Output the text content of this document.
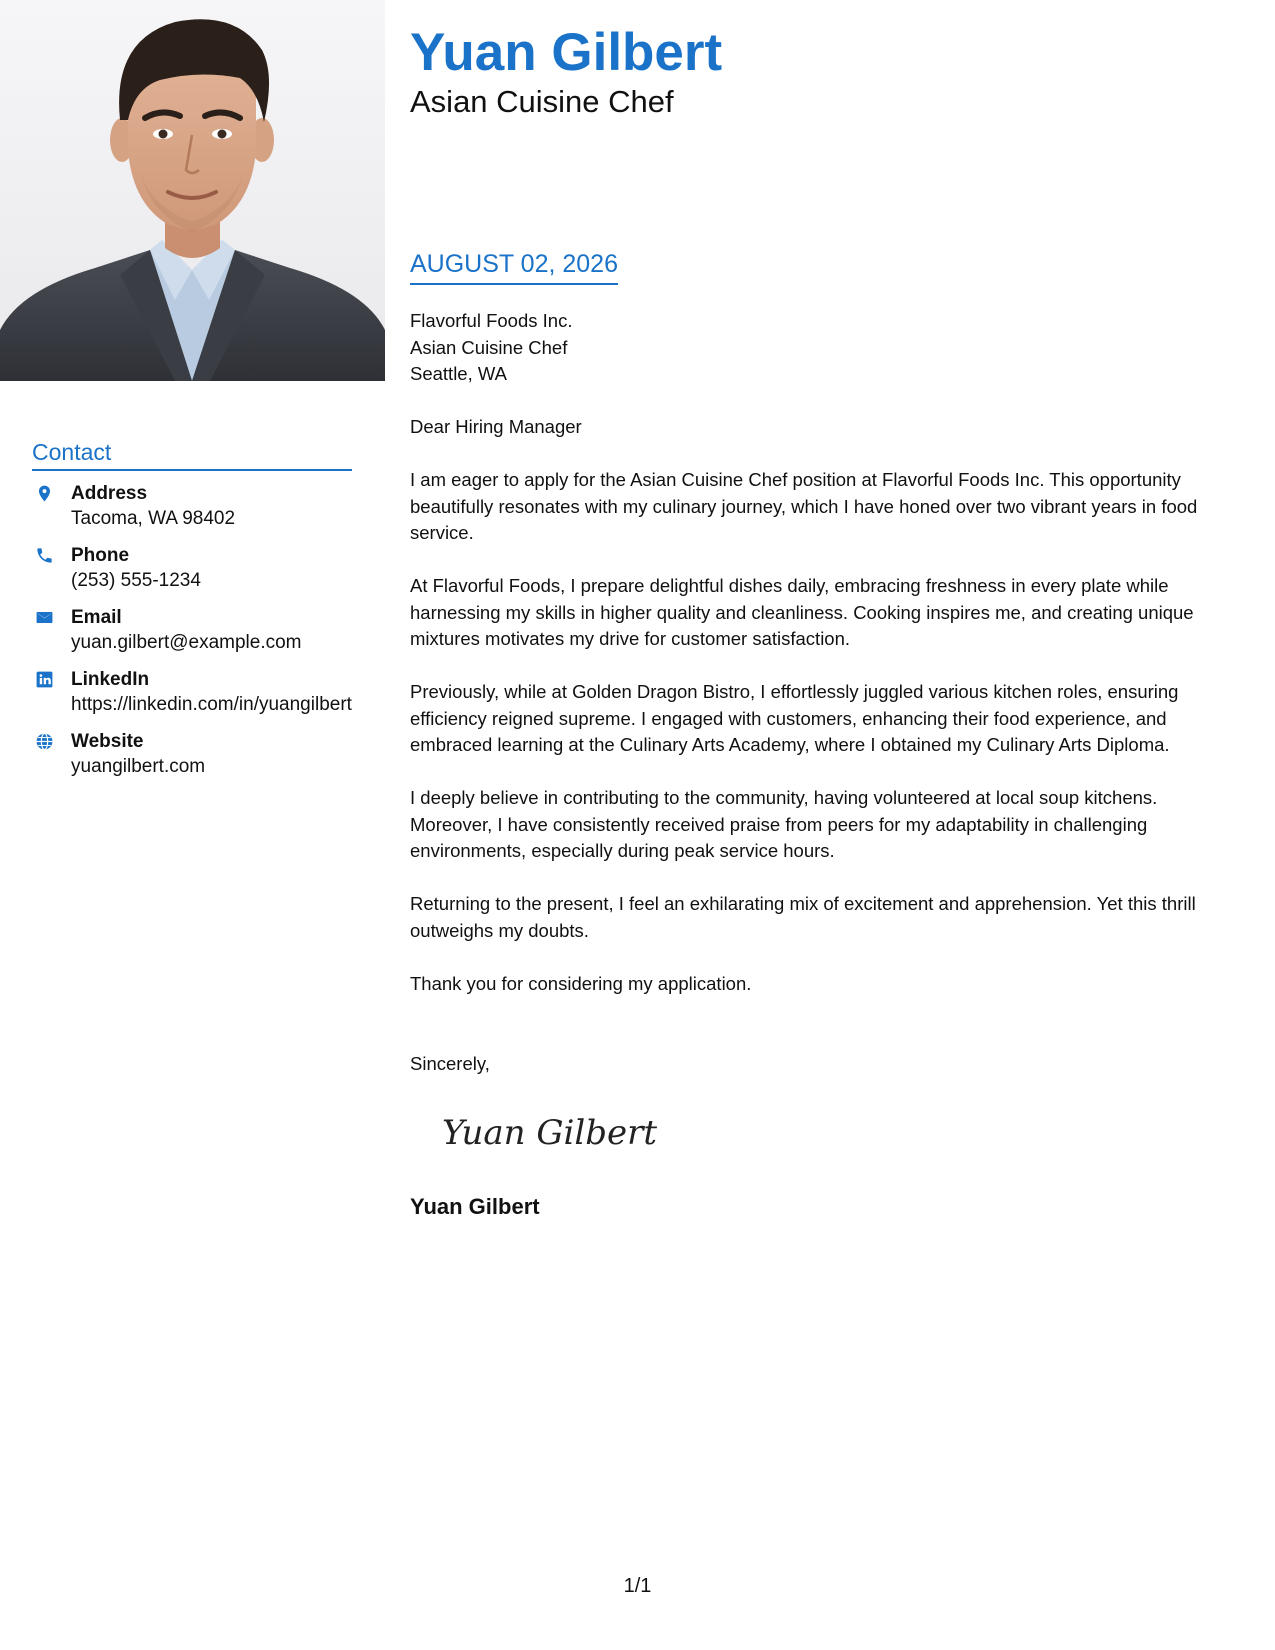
Contact
Address
Tacoma, WA 98402
Phone
(253) 555-1234
Email
yuan.gilbert@example.com
LinkedIn
https://linkedin.com/in/yuangilbert
Website
yuangilbert.com
Yuan Gilbert
Asian Cuisine Chef
AUGUST 02, 2026
Flavorful Foods Inc.
Asian Cuisine Chef
Seattle, WA
Dear Hiring Manager

I am eager to apply for the Asian Cuisine Chef position at Flavorful Foods Inc. This opportunity beautifully resonates with my culinary journey, which I have honed over two vibrant years in food service.

At Flavorful Foods, I prepare delightful dishes daily, embracing freshness in every plate while harnessing my skills in higher quality and cleanliness. Cooking inspires me, and creating unique mixtures motivates my drive for customer satisfaction.

Previously, while at Golden Dragon Bistro, I effortlessly juggled various kitchen roles, ensuring efficiency reigned supreme. I engaged with customers, enhancing their food experience, and embraced learning at the Culinary Arts Academy, where I obtained my Culinary Arts Diploma.

I deeply believe in contributing to the community, having volunteered at local soup kitchens. Moreover, I have consistently received praise from peers for my adaptability in challenging environments, especially during peak service hours.

Returning to the present, I feel an exhilarating mix of excitement and apprehension. Yet this thrill outweighs my doubts.

Thank you for considering my application.

Sincerely,
Yuan Gilbert
Yuan Gilbert
1/1
